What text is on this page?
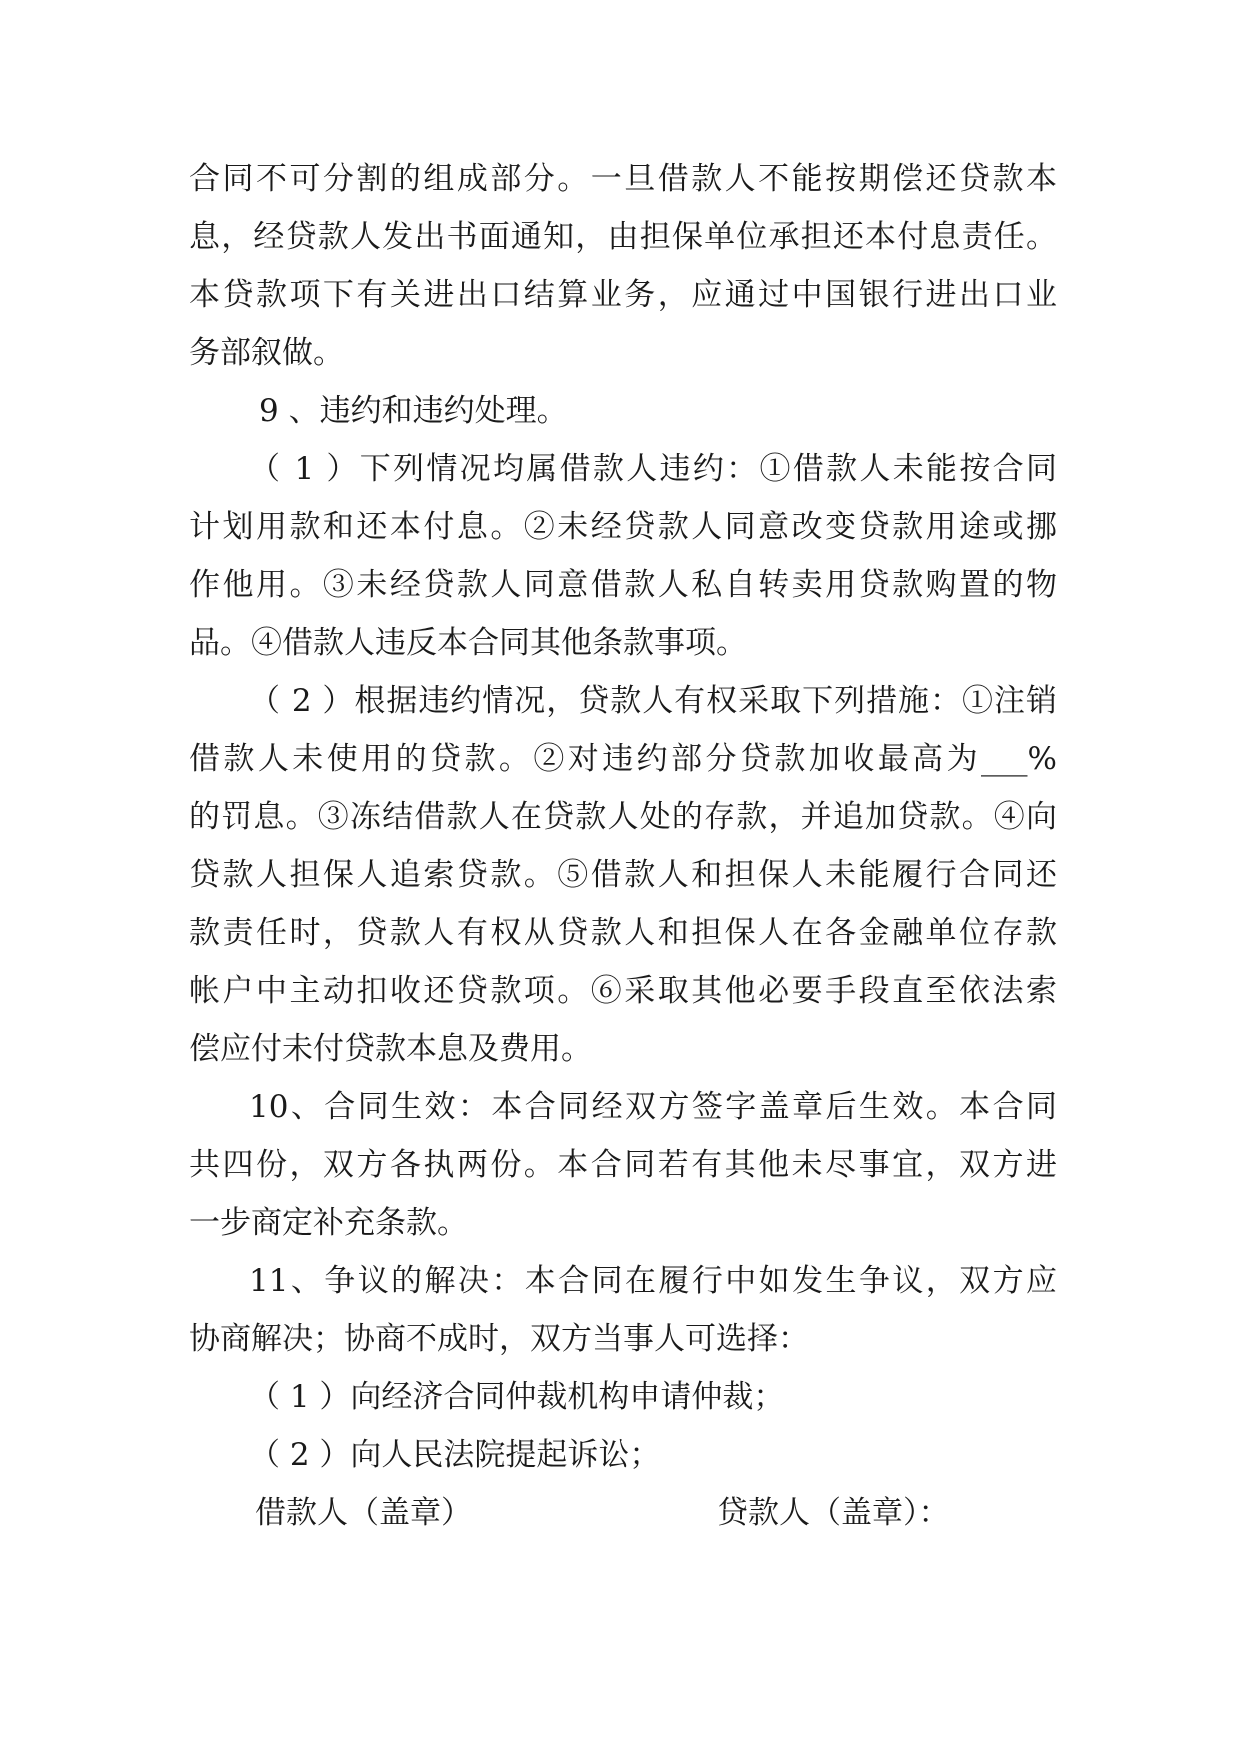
合同不可分割的组成部分。一旦借款人不能按期偿还贷款本
息，经贷款人发出书面通知，由担保单位承担还本付息责任。
本贷款项下有关进出口结算业务，应通过中国银行进出口业
务部叙做。
9 、违约和违约处理。
（ 1 ）下列情况均属借款人违约：①借款人未能按合同
计划用款和还本付息。②未经贷款人同意改变贷款用途或挪
作他用。③未经贷款人同意借款人私自转卖用贷款购置的物
品。④借款人违反本合同其他条款事项。
（ 2 ）根据违约情况，贷款人有权采取下列措施：①注销
借款人未使用的贷款。②对违约部分贷款加收最高为___%
的罚息。③冻结借款人在贷款人处的存款，并追加贷款。④向
贷款人担保人追索贷款。⑤借款人和担保人未能履行合同还
款责任时，贷款人有权从贷款人和担保人在各金融单位存款
帐户中主动扣收还贷款项。⑥采取其他必要手段直至依法索
偿应付未付贷款本息及费用。
10、合同生效：本合同经双方签字盖章后生效。本合同
共四份，双方各执两份。本合同若有其他未尽事宜，双方进
一步商定补充条款。
11、争议的解决：本合同在履行中如发生争议，双方应
协商解决；协商不成时，双方当事人可选择：
（ 1 ）向经济合同仲裁机构申请仲裁；
（ 2 ）向人民法院提起诉讼；
借款人（盖章）	贷款人（盖章）：
